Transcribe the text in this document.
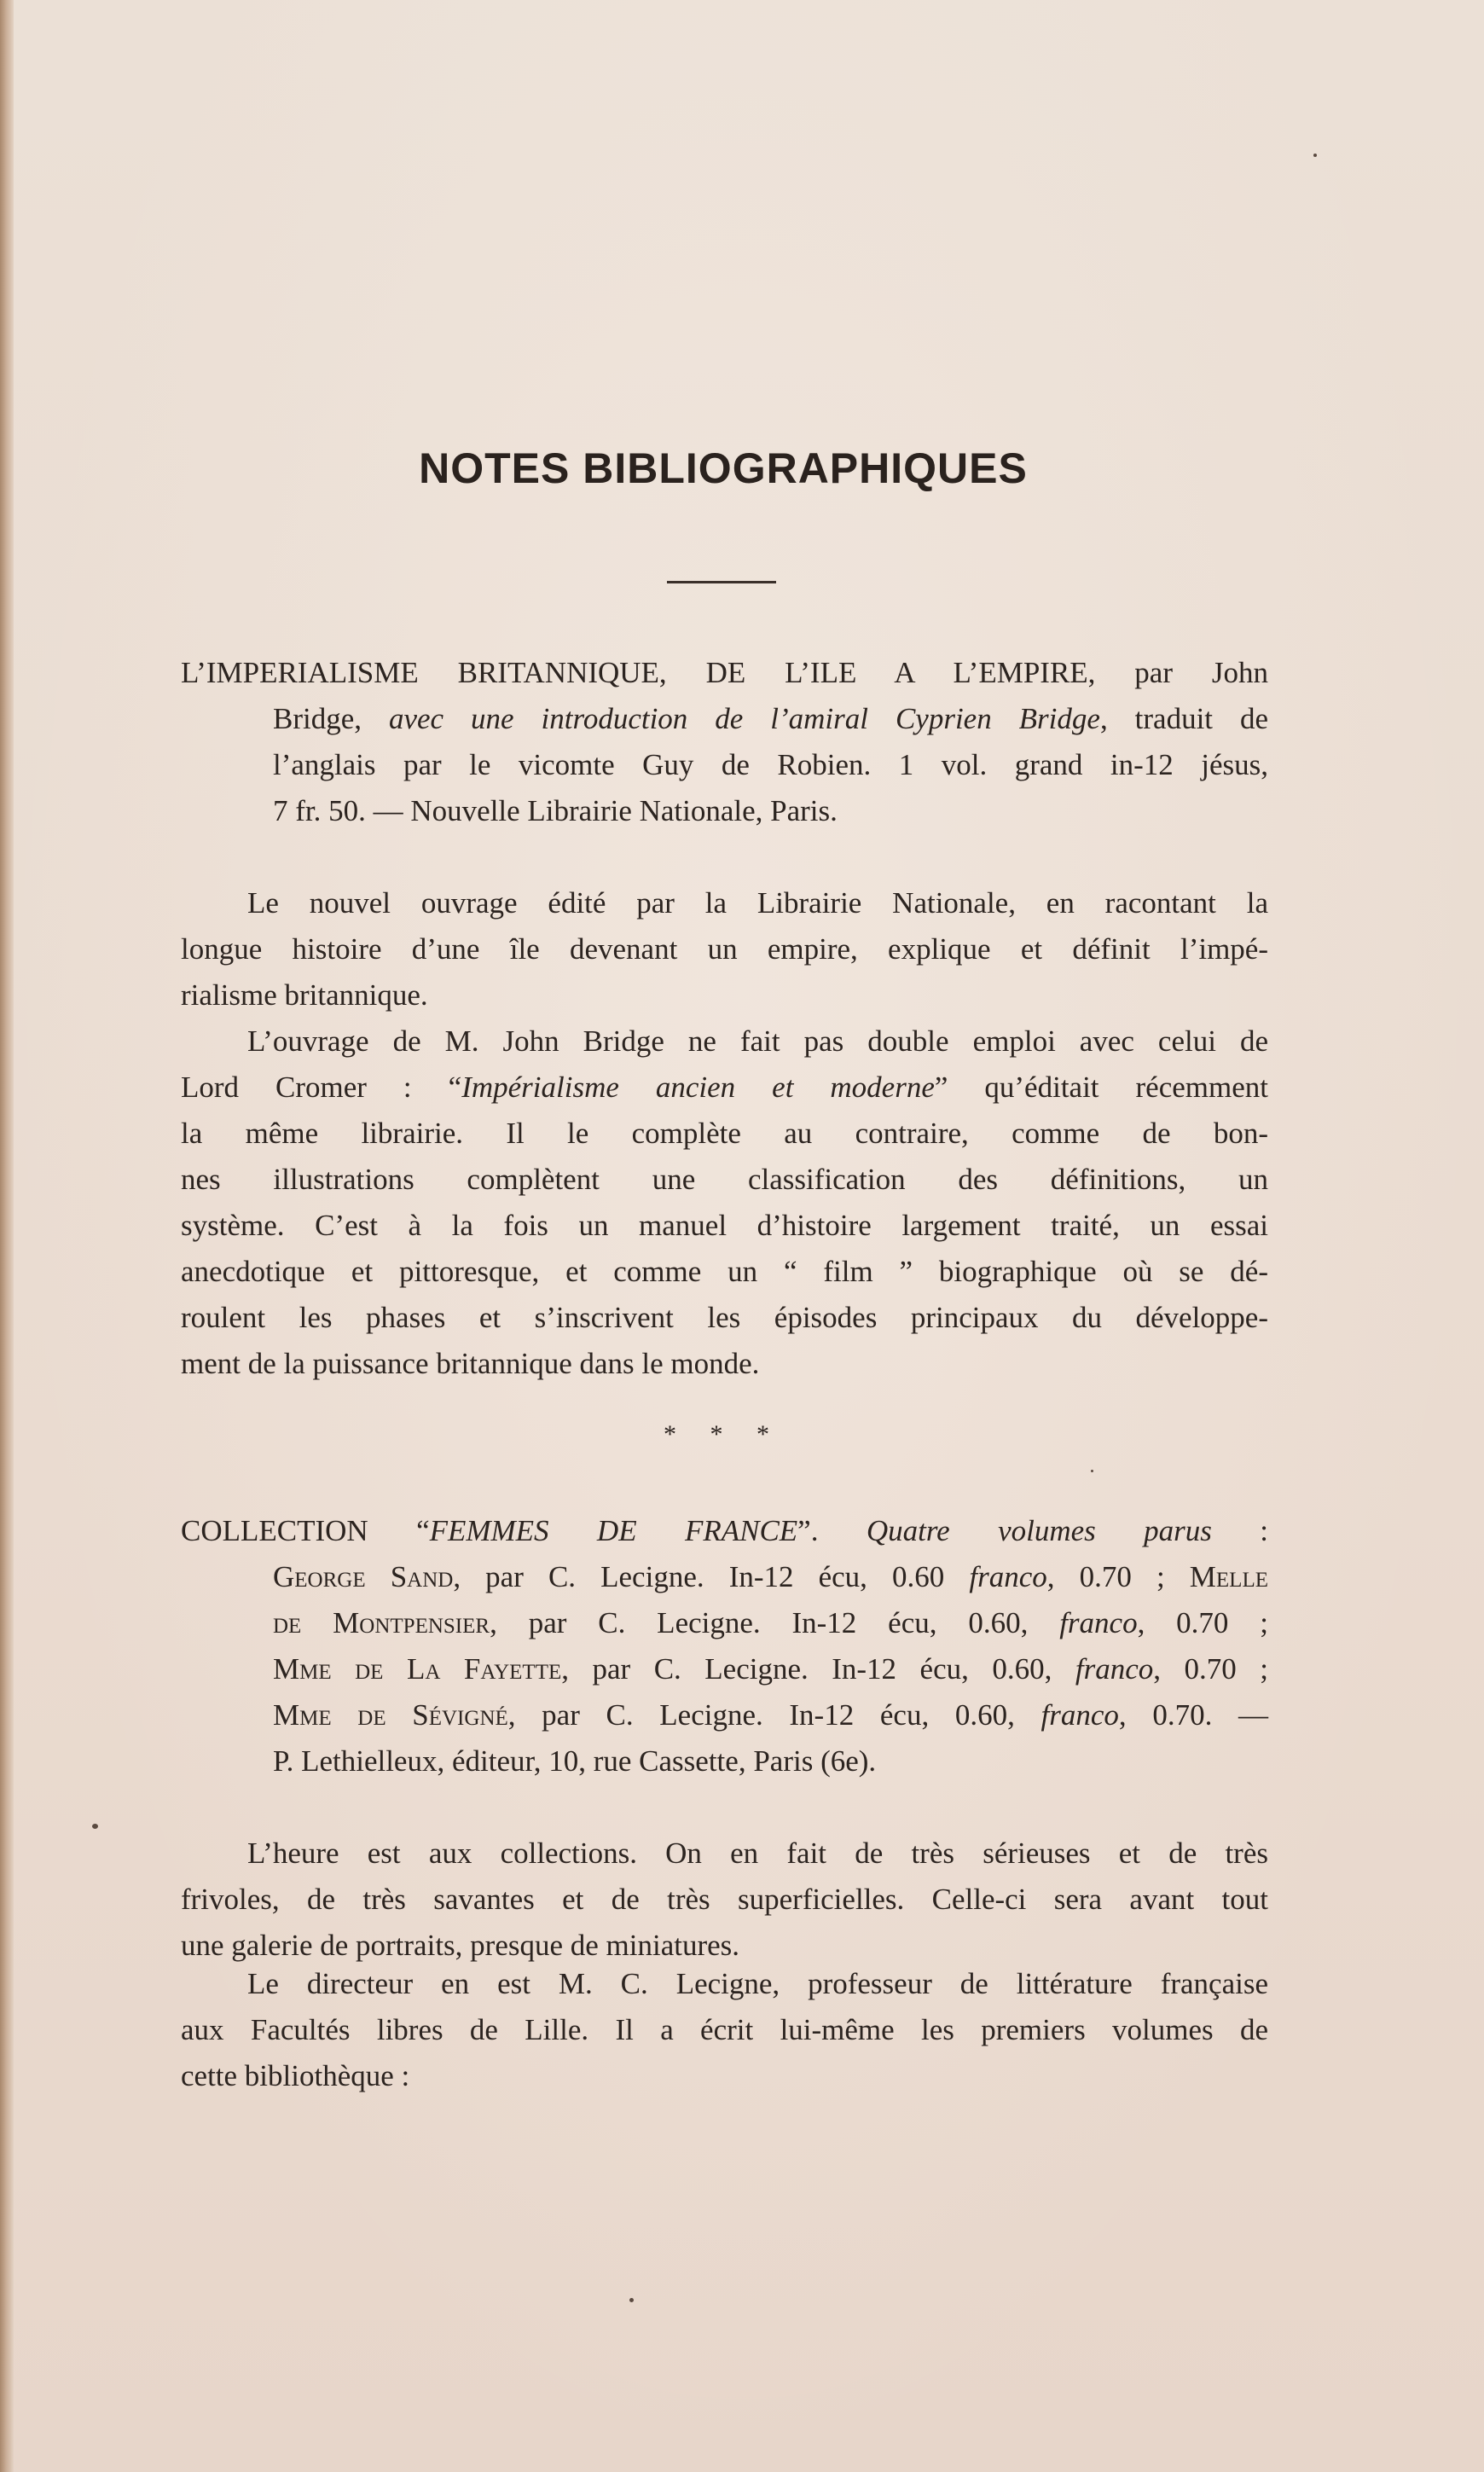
NOTES BIBLIOGRAPHIQUES
L’IMPERIALISME BRITANNIQUE, DE L’ILE A L’EMPIRE, par John
Bridge, avec une introduction de l’amiral Cyprien Bridge, traduit de
l’anglais par le vicomte Guy de Robien. 1 vol. grand in-12 jésus,
7 fr. 50. — Nouvelle Librairie Nationale, Paris.
Le nouvel ouvrage édité par la Librairie Nationale, en racontant la
longue histoire d’une île devenant un empire, explique et définit l’impé-
rialisme britannique.
L’ouvrage de M. John Bridge ne fait pas double emploi avec celui de
Lord Cromer : “Impérialisme ancien et moderne” qu’éditait récemment
la même librairie. Il le complète au contraire, comme de bon-
nes illustrations complètent une classification des définitions, un
système. C’est à la fois un manuel d’histoire largement traité, un essai
anecdotique et pittoresque, et comme un “ film ” biographique où se dé-
roulent les phases et s’inscrivent les épisodes principaux du développe-
ment de la puissance britannique dans le monde.
* * *
COLLECTION “FEMMES DE FRANCE”. Quatre volumes parus :
George Sand, par C. Lecigne. In-12 écu, 0.60 franco, 0.70 ; Melle
de Montpensier, par C. Lecigne. In-12 écu, 0.60, franco, 0.70 ;
Mme de La Fayette, par C. Lecigne. In-12 écu, 0.60, franco, 0.70 ;
Mme de Sévigné, par C. Lecigne. In-12 écu, 0.60, franco, 0.70. —
P. Lethielleux, éditeur, 10, rue Cassette, Paris (6e).
L’heure est aux collections. On en fait de très sérieuses et de très
frivoles, de très savantes et de très superficielles. Celle-ci sera avant tout
une galerie de portraits, presque de miniatures.
Le directeur en est M. C. Lecigne, professeur de littérature française
aux Facultés libres de Lille. Il a écrit lui-même les premiers volumes de
cette bibliothèque :
